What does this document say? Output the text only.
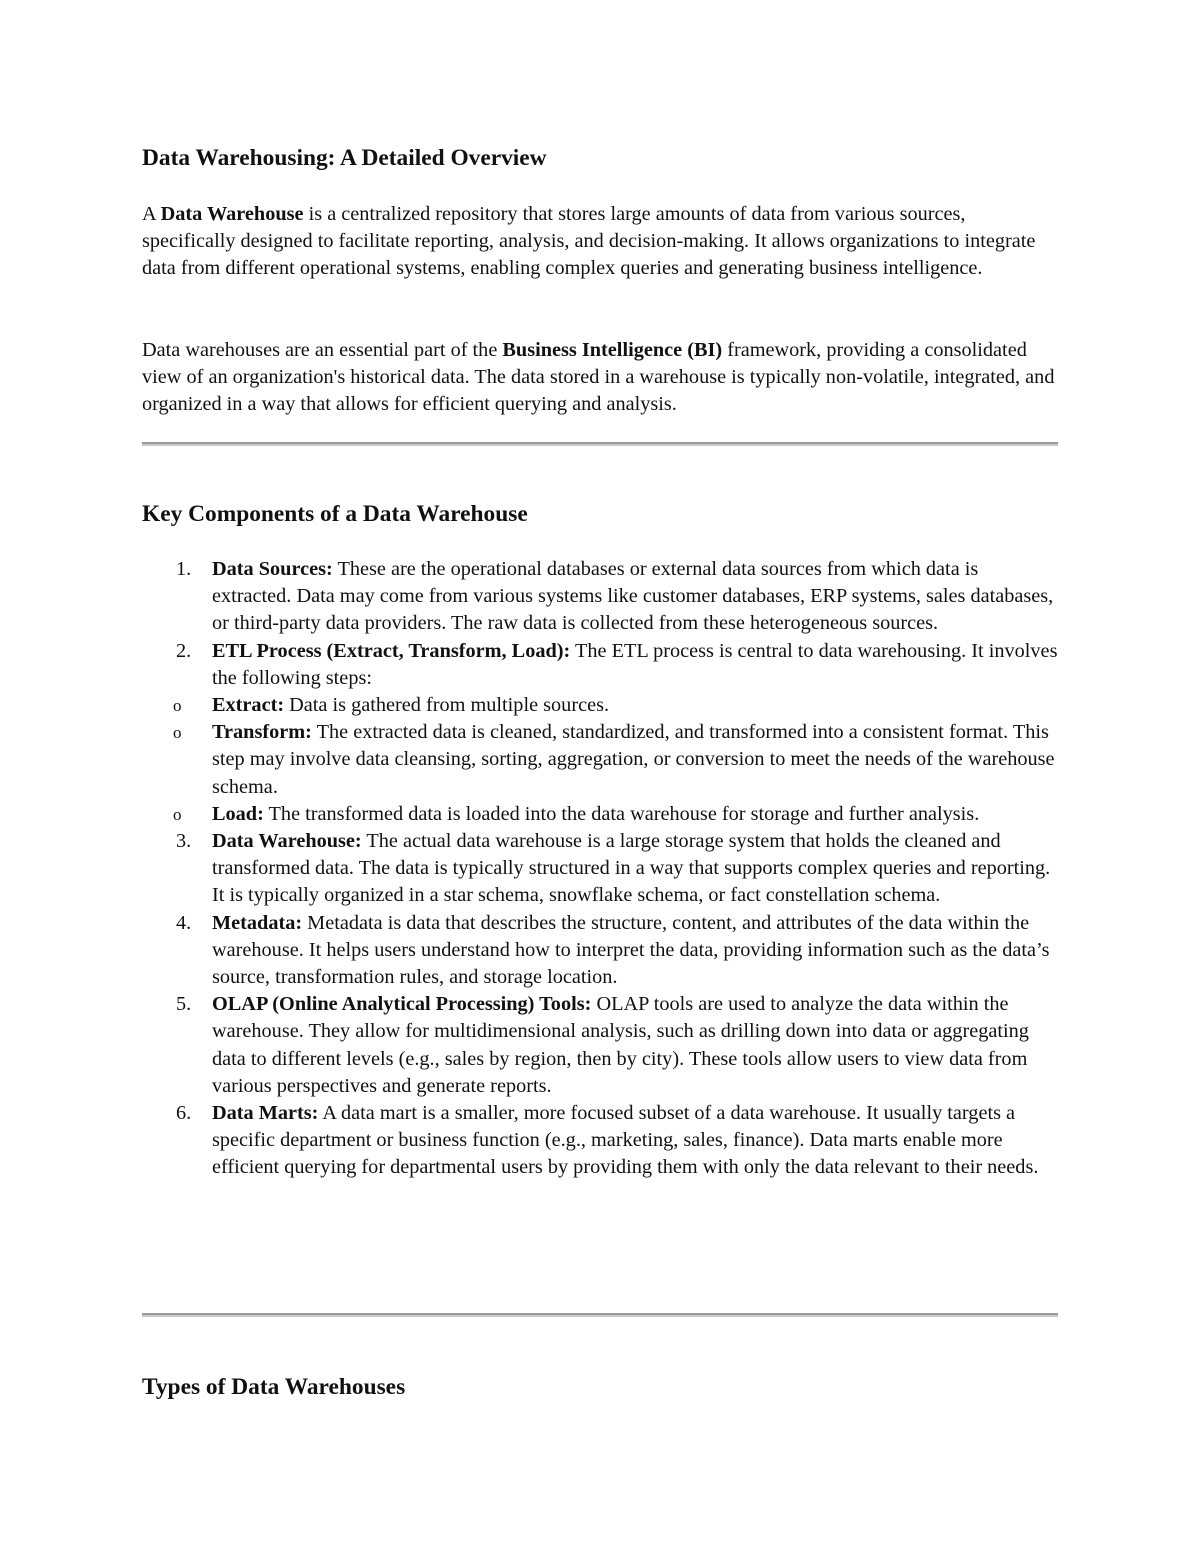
Data Warehousing: A Detailed Overview

A Data Warehouse is a centralized repository that stores large amounts of data from various sources, specifically designed to facilitate reporting, analysis, and decision-making. It allows organizations to integrate data from different operational systems, enabling complex queries and generating business intelligence.

Data warehouses are an essential part of the Business Intelligence (BI) framework, providing a consolidated view of an organization's historical data. The data stored in a warehouse is typically non-volatile, integrated, and organized in a way that allows for efficient querying and analysis.

Key Components of a Data Warehouse
1. Data Sources: These are the operational databases or external data sources from which data is extracted. Data may come from various systems like customer databases, ERP systems, sales databases, or third-party data providers. The raw data is collected from these heterogeneous sources.
2. ETL Process (Extract, Transform, Load): The ETL process is central to data warehousing. It involves the following steps:
o Extract: Data is gathered from multiple sources.
o Transform: The extracted data is cleaned, standardized, and transformed into a consistent format. This step may involve data cleansing, sorting, aggregation, or conversion to meet the needs of the warehouse schema.
o Load: The transformed data is loaded into the data warehouse for storage and further analysis.
3. Data Warehouse: The actual data warehouse is a large storage system that holds the cleaned and transformed data. The data is typically structured in a way that supports complex queries and reporting. It is typically organized in a star schema, snowflake schema, or fact constellation schema.
4. Metadata: Metadata is data that describes the structure, content, and attributes of the data within the warehouse. It helps users understand how to interpret the data, providing information such as the data’s source, transformation rules, and storage location.
5. OLAP (Online Analytical Processing) Tools: OLAP tools are used to analyze the data within the warehouse. They allow for multidimensional analysis, such as drilling down into data or aggregating data to different levels (e.g., sales by region, then by city). These tools allow users to view data from various perspectives and generate reports.
6. Data Marts: A data mart is a smaller, more focused subset of a data warehouse. It usually targets a specific department or business function (e.g., marketing, sales, finance). Data marts enable more efficient querying for departmental users by providing them with only the data relevant to their needs.
Types of Data Warehouses
